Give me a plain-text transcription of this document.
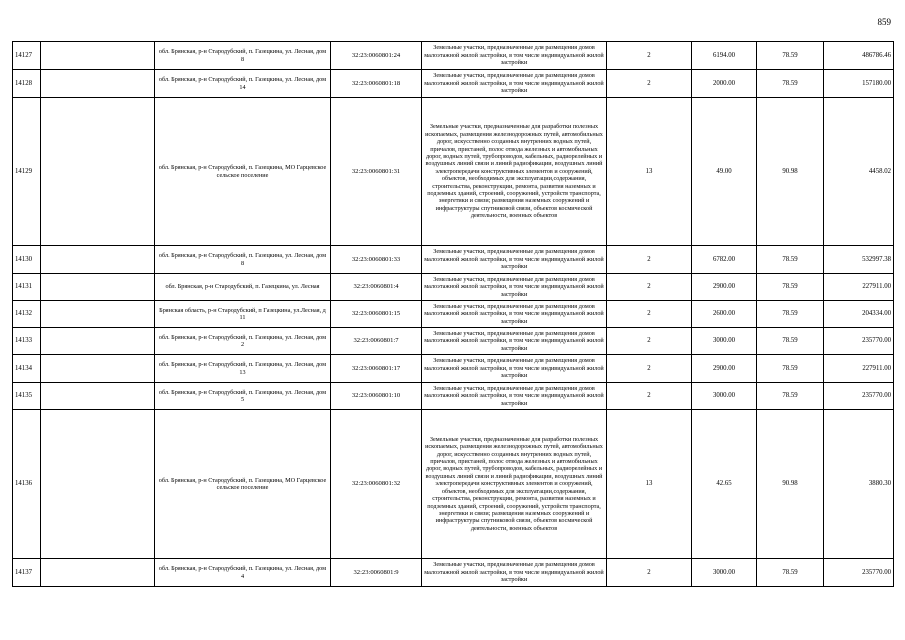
859
14127		обл. Брянская, р-н Стародубский, п. Газецкина, ул. Лесная, дом 8	32:23:0060801:24	Земельные участки, предназначенные для размещения домов малоэтажной жилой застройки, в том числе индивидуальной жилой застройки	2	6194.00	78.59	486786.46
14128		обл. Брянская, р-н Стародубский, п. Газецкина, ул. Лесная, дом 14	32:23:0060801:18	Земельные участки, предназначенные для размещения домов малоэтажной жилой застройки, в том числе индивидуальной жилой застройки	2	2000.00	78.59	157180.00
14129		обл. Брянская, р-н Стародубский, п. Газецкина, МО Гарцевское сельское поселение	32:23:0060801:31	Земельные участки, предназначенные для разработки полезных ископаемых, размещения железнодорожных путей, автомобильных дорог, искусственно созданных внутренних водных путей, причалов, пристаней, полос отвода железных и автомобильных дорог, водных путей, трубопроводов, кабельных, радиорелейных и воздушных линий связи и линий радиофикации, воздушных линий электропередачи конструктивных элементов и сооружений, объектов, необходимых для эксплуатации,содержания, строительства, реконструкции, ремонта, развития наземных и подземных зданий, строений, сооружений, устройств транспорта, энергетики и связи; размещения наземных сооружений и инфраструктуры спутниковой связи, объектов космической деятельности, военных объектов	13	49.00	90.98	4458.02
14130		обл. Брянская, р-н Стародубский, п. Газецкина, ул. Лесная, дом 8	32:23:0060801:33	Земельные участки, предназначенные для размещения домов малоэтажной жилой застройки, в том числе индивидуальной жилой застройки	2	6782.00	78.59	532997.38
14131		обл. Брянская, р-н Стародубский, п. Газецкина, ул. Лесная	32:23:0060801:4	Земельные участки, предназначенные для размещения домов малоэтажной жилой застройки, в том числе индивидуальной жилой застройки	2	2900.00	78.59	227911.00
14132		Брянская область, р-н Стародубский, п Газецкина, ул.Лесная, д 11	32:23:0060801:15	Земельные участки, предназначенные для размещения домов малоэтажной жилой застройки, в том числе индивидуальной жилой застройки	2	2600.00	78.59	204334.00
14133		обл. Брянская, р-н Стародубский, п. Газецкина, ул. Лесная, дом 2	32:23:0060801:7	Земельные участки, предназначенные для размещения домов малоэтажной жилой застройки, в том числе индивидуальной жилой застройки	2	3000.00	78.59	235770.00
14134		обл. Брянская, р-н Стародубский, п. Газецкина, ул. Лесная, дом 13	32:23:0060801:17	Земельные участки, предназначенные для размещения домов малоэтажной жилой застройки, в том числе индивидуальной жилой застройки	2	2900.00	78.59	227911.00
14135		обл. Брянская, р-н Стародубский, п. Газецкина, ул. Лесная, дом 5	32:23:0060801:10	Земельные участки, предназначенные для размещения домов малоэтажной жилой застройки, в том числе индивидуальной жилой застройки	2	3000.00	78.59	235770.00
14136		обл. Брянская, р-н Стародубский, п. Газецкина, МО Гарцевское сельское поселение	32:23:0060801:32	Земельные участки, предназначенные для разработки полезных ископаемых, размещения железнодорожных путей, автомобильных дорог, искусственно созданных внутренних водных путей, причалов, пристаней, полос отвода железных и автомобильных дорог, водных путей, трубопроводов, кабельных, радиорелейных и воздушных линий связи и линий радиофикации, воздушных линий электропередачи конструктивных элементов и сооружений, объектов, необходимых для эксплуатации,содержания, строительства, реконструкции, ремонта, развития наземных и подземных зданий, строений, сооружений, устройств транспорта, энергетики и связи; размещения наземных сооружений и инфраструктуры спутниковой связи, объектов космической деятельности, военных объектов	13	42.65	90.98	3880.30
14137		обл. Брянская, р-н Стародубский, п. Газецкина, ул. Лесная, дом 4	32:23:0060801:9	Земельные участки, предназначенные для размещения домов малоэтажной жилой застройки, в том числе индивидуальной жилой застройки	2	3000.00	78.59	235770.00
